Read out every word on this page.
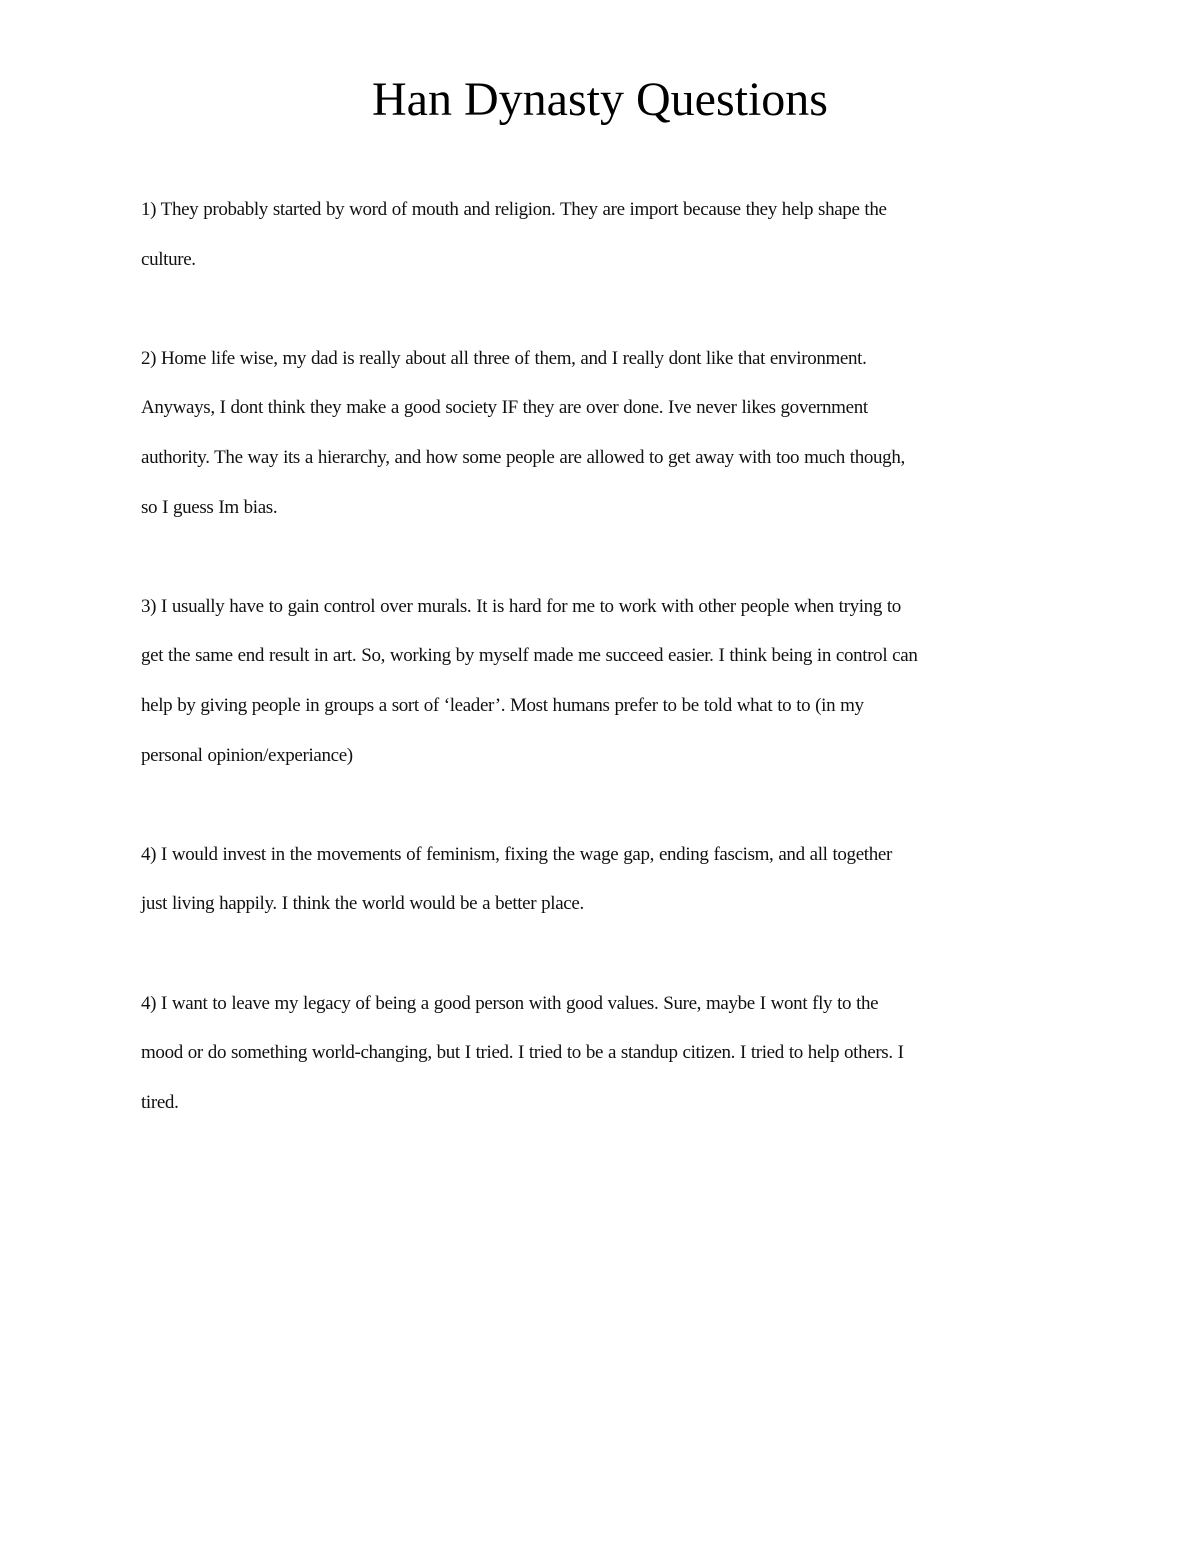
Han Dynasty Questions

1) They probably started by word of mouth and religion. They are import because they help shape the
culture.

2) Home life wise, my dad is really about all three of them, and I really dont like that environment.
Anyways, I dont think they make a good society IF they are over done. Ive never likes government
authority. The way its a hierarchy, and how some people are allowed to get away with too much though,
so I guess Im bias.

3) I usually have to gain control over murals. It is hard for me to work with other people when trying to
get the same end result in art. So, working by myself made me succeed easier. I think being in control can
help by giving people in groups a sort of ‘leader’. Most humans prefer to be told what to to (in my
personal opinion/experiance)

4) I would invest in the movements of feminism, fixing the wage gap, ending fascism, and all together
just living happily. I think the world would be a better place.

4) I want to leave my legacy of being a good person with good values. Sure, maybe I wont fly to the
mood or do something world-changing, but I tried. I tried to be a standup citizen. I tried to help others. I
tired.
